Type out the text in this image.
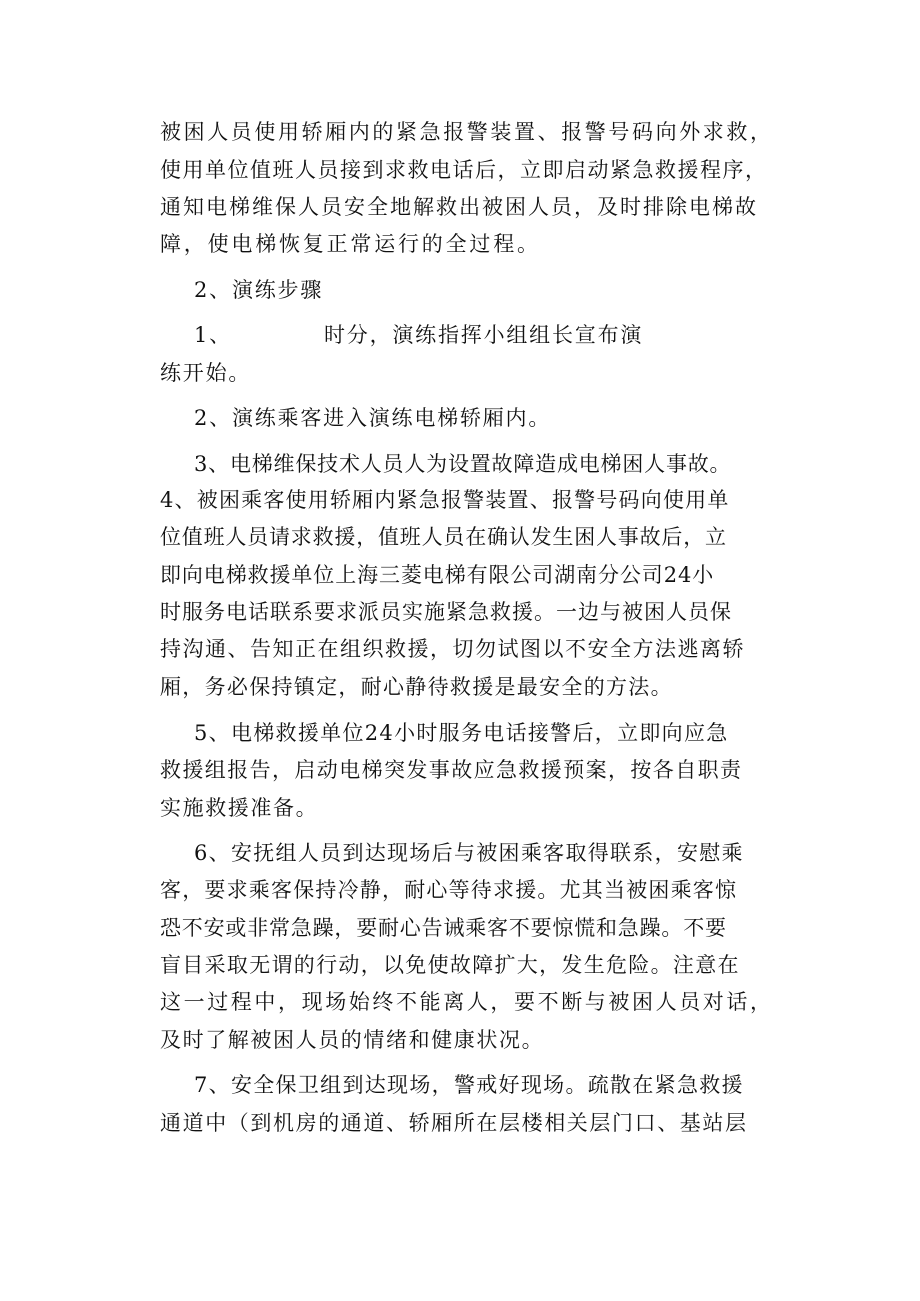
被困人员使用轿厢内的紧急报警装置、报警号码向外求救，
使用单位值班人员接到求救电话后，立即启动紧急救援程序，
通知电梯维保人员安全地解救出被困人员，及时排除电梯故
障，使电梯恢复正常运行的全过程。
2、演练步骤
1、	时分，演练指挥小组组长宣布演
练开始。
2、演练乘客进入演练电梯轿厢内。
3、电梯维保技术人员人为设置故障造成电梯困人事故。
4、被困乘客使用轿厢内紧急报警装置、报警号码向使用单
位值班人员请求救援，值班人员在确认发生困人事故后，立
即向电梯救援单位上海三菱电梯有限公司湖南分公司24小
时服务电话联系要求派员实施紧急救援。一边与被困人员保
持沟通、告知正在组织救援，切勿试图以不安全方法逃离轿
厢，务必保持镇定，耐心静待救援是最安全的方法。
5、电梯救援单位24小时服务电话接警后，立即向应急
救援组报告，启动电梯突发事故应急救援预案，按各自职责
实施救援准备。
6、安抚组人员到达现场后与被困乘客取得联系，安慰乘
客，要求乘客保持冷静，耐心等待求援。尤其当被困乘客惊
恐不安或非常急躁，要耐心告诫乘客不要惊慌和急躁。不要
盲目采取无谓的行动，以免使故障扩大，发生危险。注意在
这一过程中，现场始终不能离人，要不断与被困人员对话，
及时了解被困人员的情绪和健康状况。
7、安全保卫组到达现场，警戒好现场。疏散在紧急救援
通道中（到机房的通道、轿厢所在层楼相关层门口、基站层
